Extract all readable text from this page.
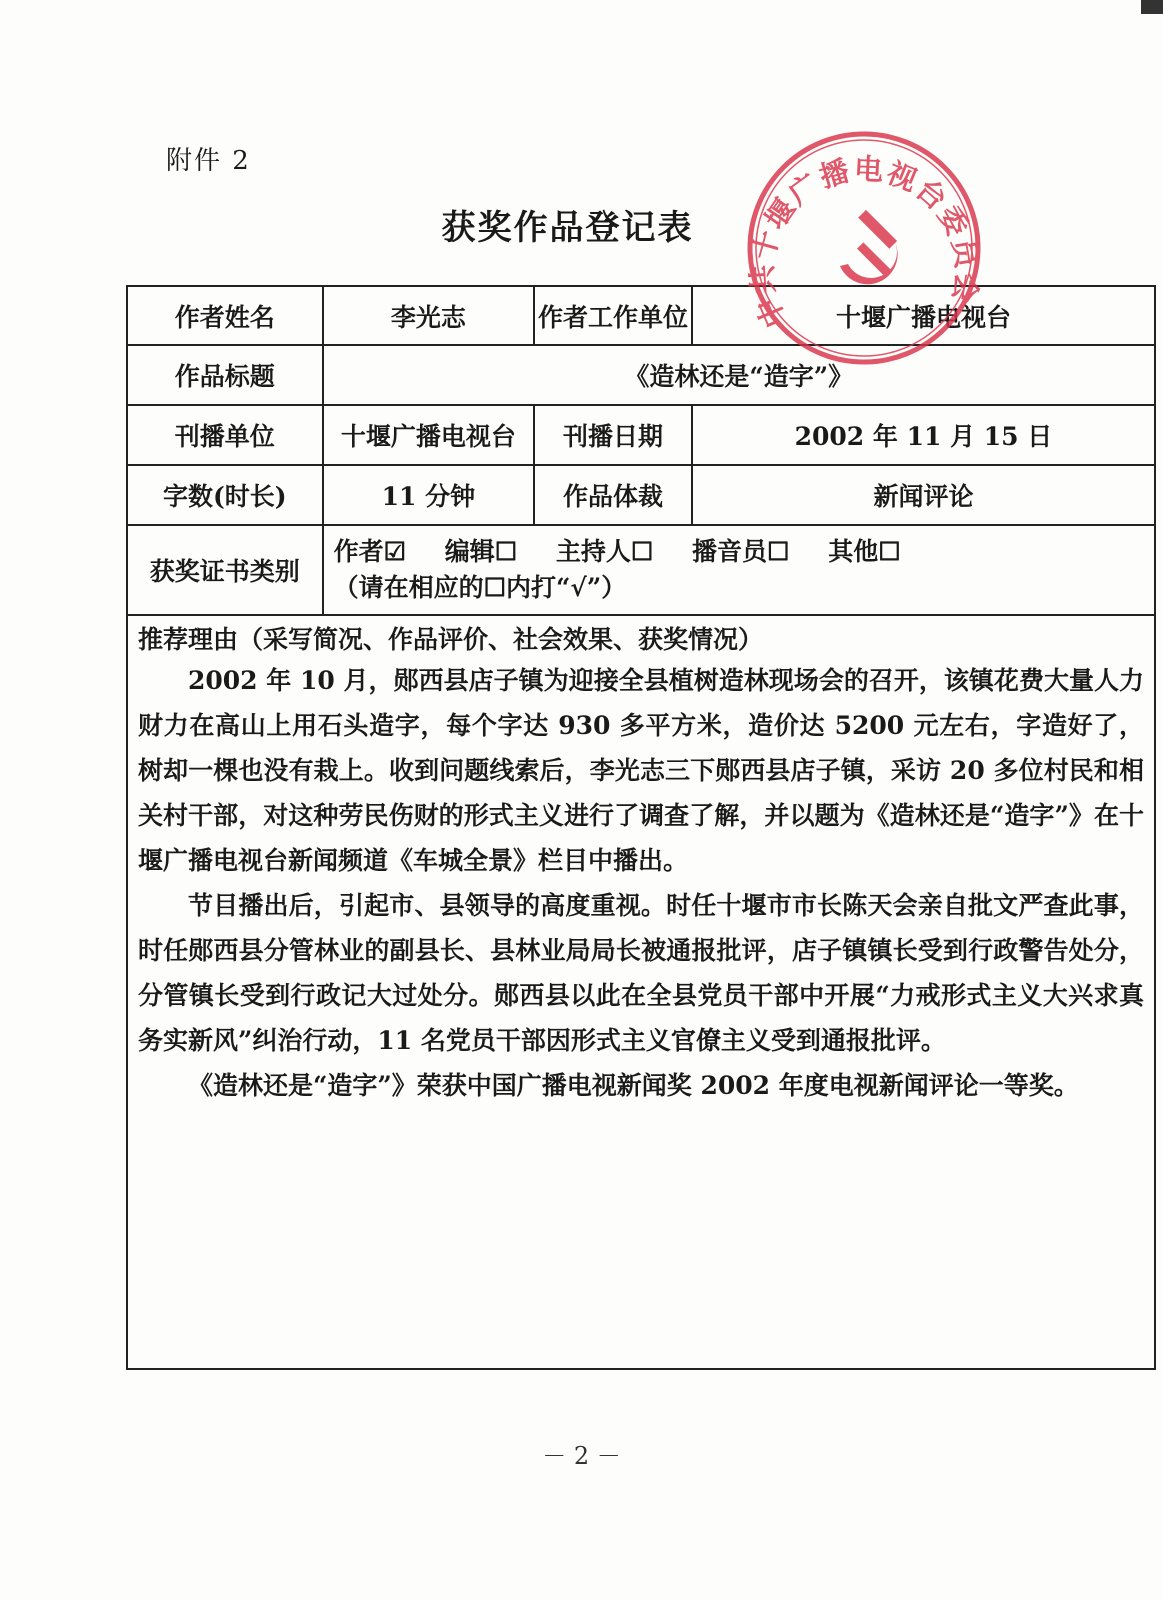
附件 2
获奖作品登记表
中共十堰广播电视台委员会
作者姓名	李光志	作者工作单位	十堰广播电视台
作品标题	《造林还是“造字”》		
刊播单位	十堰广播电视台	刊播日期	2002 年 11 月 15 日
字数(时长)	11 分钟	作品体裁	新闻评论
获奖证书类别	作者☑ 编辑☐ 主持人☐ 播音员☐ 其他☐
（请在相应的☐内打“√”）		

推荐理由（采写简况、作品评价、社会效果、获奖情况）

2002 年 10 月，郧西县店子镇为迎接全县植树造林现场会的召开，该镇花费大量人力财力在高山上用石头造字，每个字达 930 多平方米，造价达 5200 元左右，字造好了，树却一棵也没有栽上。收到问题线索后，李光志三下郧西县店子镇，采访 20 多位村民和相关村干部，对这种劳民伤财的形式主义进行了调查了解，并以题为《造林还是“造字”》在十堰广播电视台新闻频道《车城全景》栏目中播出。

节目播出后，引起市、县领导的高度重视。时任十堰市市长陈天会亲自批文严查此事，时任郧西县分管林业的副县长、县林业局局长被通报批评，店子镇镇长受到行政警告处分，分管镇长受到行政记大过处分。郧西县以此在全县党员干部中开展“力戒形式主义大兴求真务实新风”纠治行动，11 名党员干部因形式主义官僚主义受到通报批评。

《造林还是“造字”》荣获中国广播电视新闻奖 2002 年度电视新闻评论一等奖。			

－ 2 －
